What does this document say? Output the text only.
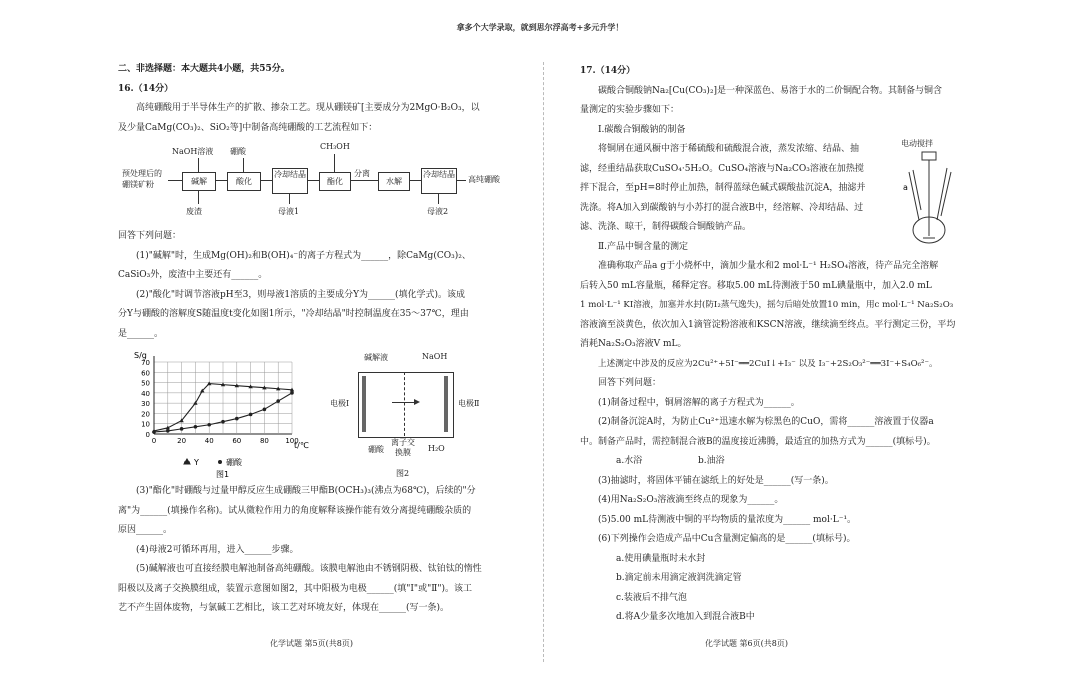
拿多个大学录取，就到思尔浮高考+多元升学！
二、非选择题：本大题共4小题，共55分。
16.（14分）
高纯硼酸用于半导体生产的扩散、掺杂工艺。现从硼镁矿[主要成分为2MgO·B₂O₃，以
及少量CaMg(CO₃)₂、SiO₂等]中制备高纯硼酸的工艺流程如下：
预处理后的硼镁矿粉
NaOH溶液
碱解
废渣
硼酸
酸化
冷却结晶
母液1
CH₃OH
酯化
分离
水解
冷却结晶
母液2
高纯硼酸
回答下列问题：
(1)"碱解"时，生成Mg(OH)₂和B(OH)₄⁻的离子方程式为______，除CaMg(CO₃)₂、
CaSiO₃外，废渣中主要还有______。
(2)"酸化"时调节溶液pH至3，则母液1溶质的主要成分Y为______(填化学式)。该成
分Y与硼酸的溶解度S随温度t变化如图1所示，"冷却结晶"时控制温度在35～37℃，理由
是______。
S/g
t/℃
0
10
20
30
40
50
60
70
0	20	40	60	80 100
Y	硼酸
图1
碱解液	NaOH
电极Ⅰ	电极Ⅱ
硼酸
离子交换膜	H₂O
图2
(3)"酯化"时硼酸与过量甲醇反应生成硼酸三甲酯B(OCH₃)₃(沸点为68℃)，后续的"分
离"为______(填操作名称)。试从微粒作用力的角度解释该操作能有效分离提纯硼酸杂质的
原因______。
(4)母液2可循环再用，进入______步骤。
(5)碱解液也可直接经膜电解池制备高纯硼酸。该膜电解池由不锈钢阴极、钛铂钛的惰性
阳极以及离子交换膜组成，装置示意图如图2，其中阳极为电极______(填"Ⅰ"或"Ⅱ")。该工
艺不产生固体废物，与氯碱工艺相比，该工艺对环境友好，体现在______(写一条)。
化学试题 第5页(共8页)
17.（14分）
碳酸合铜酸钠Na₂[Cu(CO₃)₂]是一种深蓝色、易溶于水的二价铜配合物。其制备与铜含
量测定的实验步骤如下：
Ⅰ.碳酸合铜酸钠的制备
将铜屑在通风橱中溶于稀硫酸和硫酸混合液，蒸发浓缩、结晶、抽
滤，经重结晶获取CuSO₄·5H₂O。CuSO₄溶液与Na₂CO₃溶液在加热搅
拌下混合，至pH=8时停止加热，制得蓝绿色碱式碳酸盐沉淀A，抽滤并
洗涤。将A加入到碳酸钠与小苏打的混合液B中，经溶解、冷却结晶、过
滤、洗涤、晾干，制得碳酸合铜酸钠产品。
Ⅱ.产品中铜含量的测定
准确称取产品a g于小烧杯中，滴加少量水和2 mol·L⁻¹ H₂SO₄溶液，待产品完全溶解
后转入50 mL容量瓶，稀释定容。移取5.00 mL待测液于50 mL碘量瓶中，加入2.0 mL
1 mol·L⁻¹ KI溶液，加塞并水封(防I₂蒸气逸失)，摇匀后暗处放置10 min，用c mol·L⁻¹ Na₂S₂O₃
溶液滴至淡黄色，依次加入1滴管淀粉溶液和KSCN溶液，继续滴至终点。平行测定三份，平均
消耗Na₂S₂O₃溶液V mL。
上述测定中涉及的反应为2Cu²⁺+5I⁻══2CuI↓+I₃⁻ 以及 I₃⁻+2S₂O₃²⁻══3I⁻+S₄O₆²⁻。
回答下列问题：
(1)制备过程中，铜屑溶解的离子方程式为______。
(2)制备沉淀A时，为防止Cu²⁺迅速水解为棕黑色的CuO，需将______溶液置于仪器a
中。制备产品时，需控制混合液B的温度接近沸腾，最适宜的加热方式为______(填标号)。
a.水浴	b.油浴
(3)抽滤时，将固体平铺在滤纸上的好处是______(写一条)。
(4)用Na₂S₂O₃溶液滴至终点的现象为______。
(5)5.00 mL待测液中铜的平均物质的量浓度为______ mol·L⁻¹。
(6)下列操作会造成产品中Cu含量测定偏高的是______(填标号)。
a.使用碘量瓶时未水封
b.滴定前未用滴定液润洗滴定管
c.装液后不排气泡
d.将A少量多次地加入到混合液B中
电动搅拌
a
化学试题 第6页(共8页)
